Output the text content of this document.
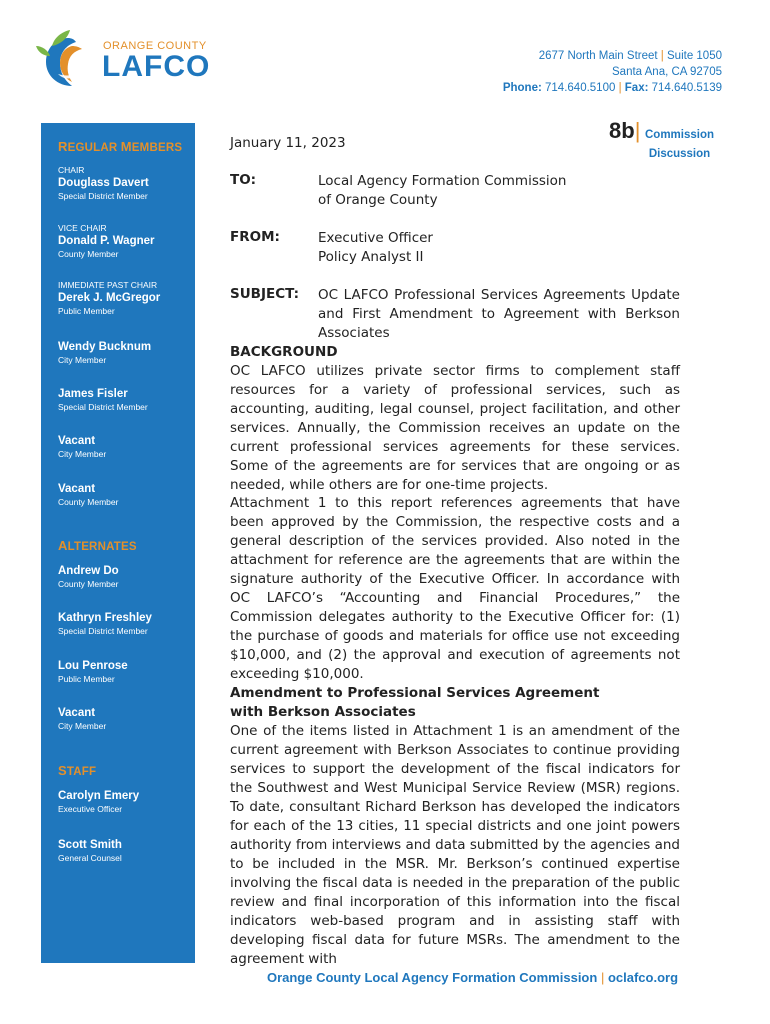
ORANGE COUNTY
LAFCO	2677 North Main Street | Suite 1050
Santa Ana, CA 92705
Phone: 714.640.5100 | Fax: 714.640.5139
REGULAR MEMBERS
CHAIR
Douglass Davert
Special District Member
VICE CHAIR
Donald P. Wagner
County Member
IMMEDIATE PAST CHAIR
Derek J. McGregor
Public Member
Wendy Bucknum
City Member
James Fisler
Special District Member
Vacant
City Member
Vacant
County Member
ALTERNATES
Andrew Do
County Member
Kathryn Freshley
Special District Member
Lou Penrose
Public Member
Vacant
City Member
STAFF
Carolyn Emery
Executive Officer
Scott Smith
General Counsel
January 11, 2023	8b| Commission
Discussion
TO:	Local Agency Formation Commission
of Orange County
FROM:	Executive Officer
Policy Analyst II
SUBJECT: OC LAFCO Professional Services Agreements Update and First Amendment to Agreement with Berkson Associates
BACKGROUND

OC LAFCO utilizes private sector firms to complement staff resources for a variety of professional services, such as accounting, auditing, legal counsel, project facilitation, and other services. Annually, the Commission receives an update on the current professional services agreements for these services. Some of the agreements are for services that are ongoing or as needed, while others are for one-time projects.

Attachment 1 to this report references agreements that have been approved by the Commission, the respective costs and a general description of the services provided. Also noted in the attachment for reference are the agreements that are within the signature authority of the Executive Officer. In accordance with OC LAFCO’s “Accounting and Financial Procedures,” the Commission delegates authority to the Executive Officer for: (1) the purchase of goods and materials for office use not exceeding $10,000, and (2) the approval and execution of agreements not exceeding $10,000.
Amendment to Professional Services Agreement with Berkson Associates

One of the items listed in Attachment 1 is an amendment of the current agreement with Berkson Associates to continue providing services to support the development of the fiscal indicators for the Southwest and West Municipal Service Review (MSR) regions. To date, consultant Richard Berkson has developed the indicators for each of the 13 cities, 11 special districts and one joint powers authority from interviews and data submitted by the agencies and to be included in the MSR. Mr. Berkson’s continued expertise involving the fiscal data is needed in the preparation of the public review and final incorporation of this information into the fiscal indicators web-based program and in assisting staff with developing fiscal data for future MSRs. The amendment to the agreement with

Orange County Local Agency Formation Commission | oclafco.org
